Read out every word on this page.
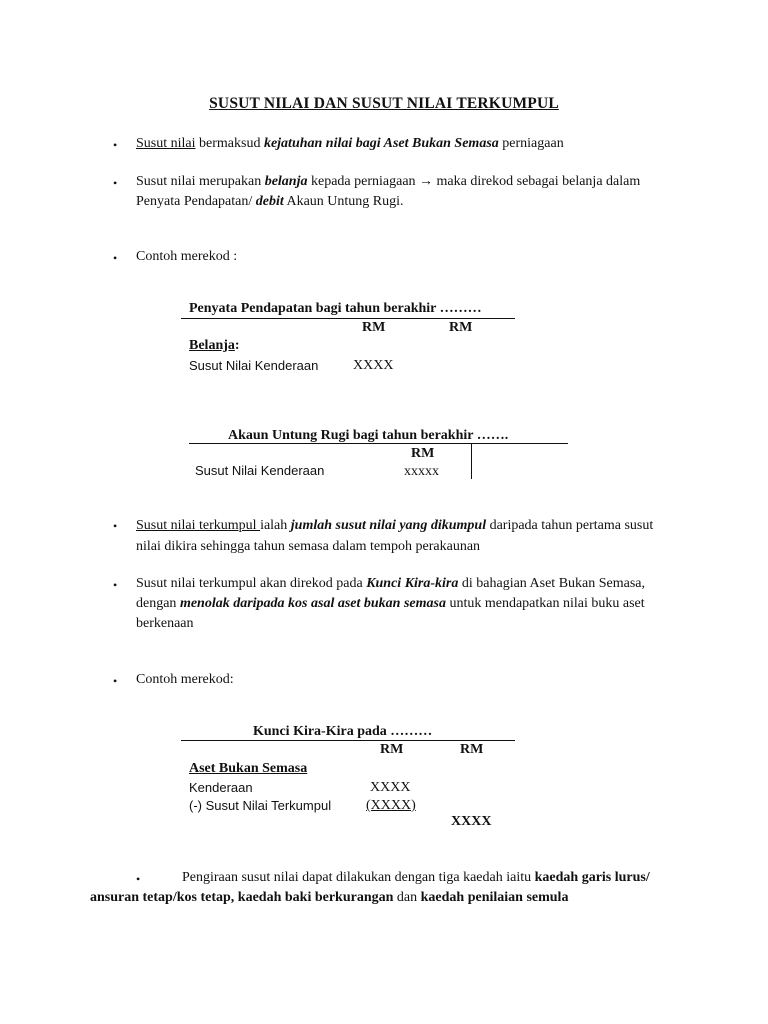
SUSUT NILAI DAN SUSUT NILAI TERKUMPUL
• Susut nilai bermaksud kejatuhan nilai bagi Aset Bukan Semasa perniagaan
• Susut nilai merupakan belanja kepada perniagaan → maka direkod sebagai belanja dalam
Penyata Pendapatan/ debit Akaun Untung Rugi.
• Contoh merekod :
Penyata Pendapatan bagi tahun berakhir ………
RM	RM
Belanja:
Susut Nilai Kenderaan XXXX
Akaun Untung Rugi bagi tahun berakhir …….
RM
Susut Nilai Kenderaan	xxxxx
• Susut nilai terkumpul ialah jumlah susut nilai yang dikumpul daripada tahun pertama susut
nilai dikira sehingga tahun semasa dalam tempoh perakaunan
• Susut nilai terkumpul akan direkod pada Kunci Kira-kira di bahagian Aset Bukan Semasa,
dengan menolak daripada kos asal aset bukan semasa untuk mendapatkan nilai buku aset
berkenaan
• Contoh merekod:
Kunci Kira-Kira pada ………
RM	RM
Aset Bukan Semasa
Kenderaan	XXXX
(-) Susut Nilai Terkumpul (XXXX)
XXXX
•	Pengiraan susut nilai dapat dilakukan dengan tiga kaedah iaitu kaedah garis lurus/
ansuran tetap/kos tetap, kaedah baki berkurangan dan kaedah penilaian semula
